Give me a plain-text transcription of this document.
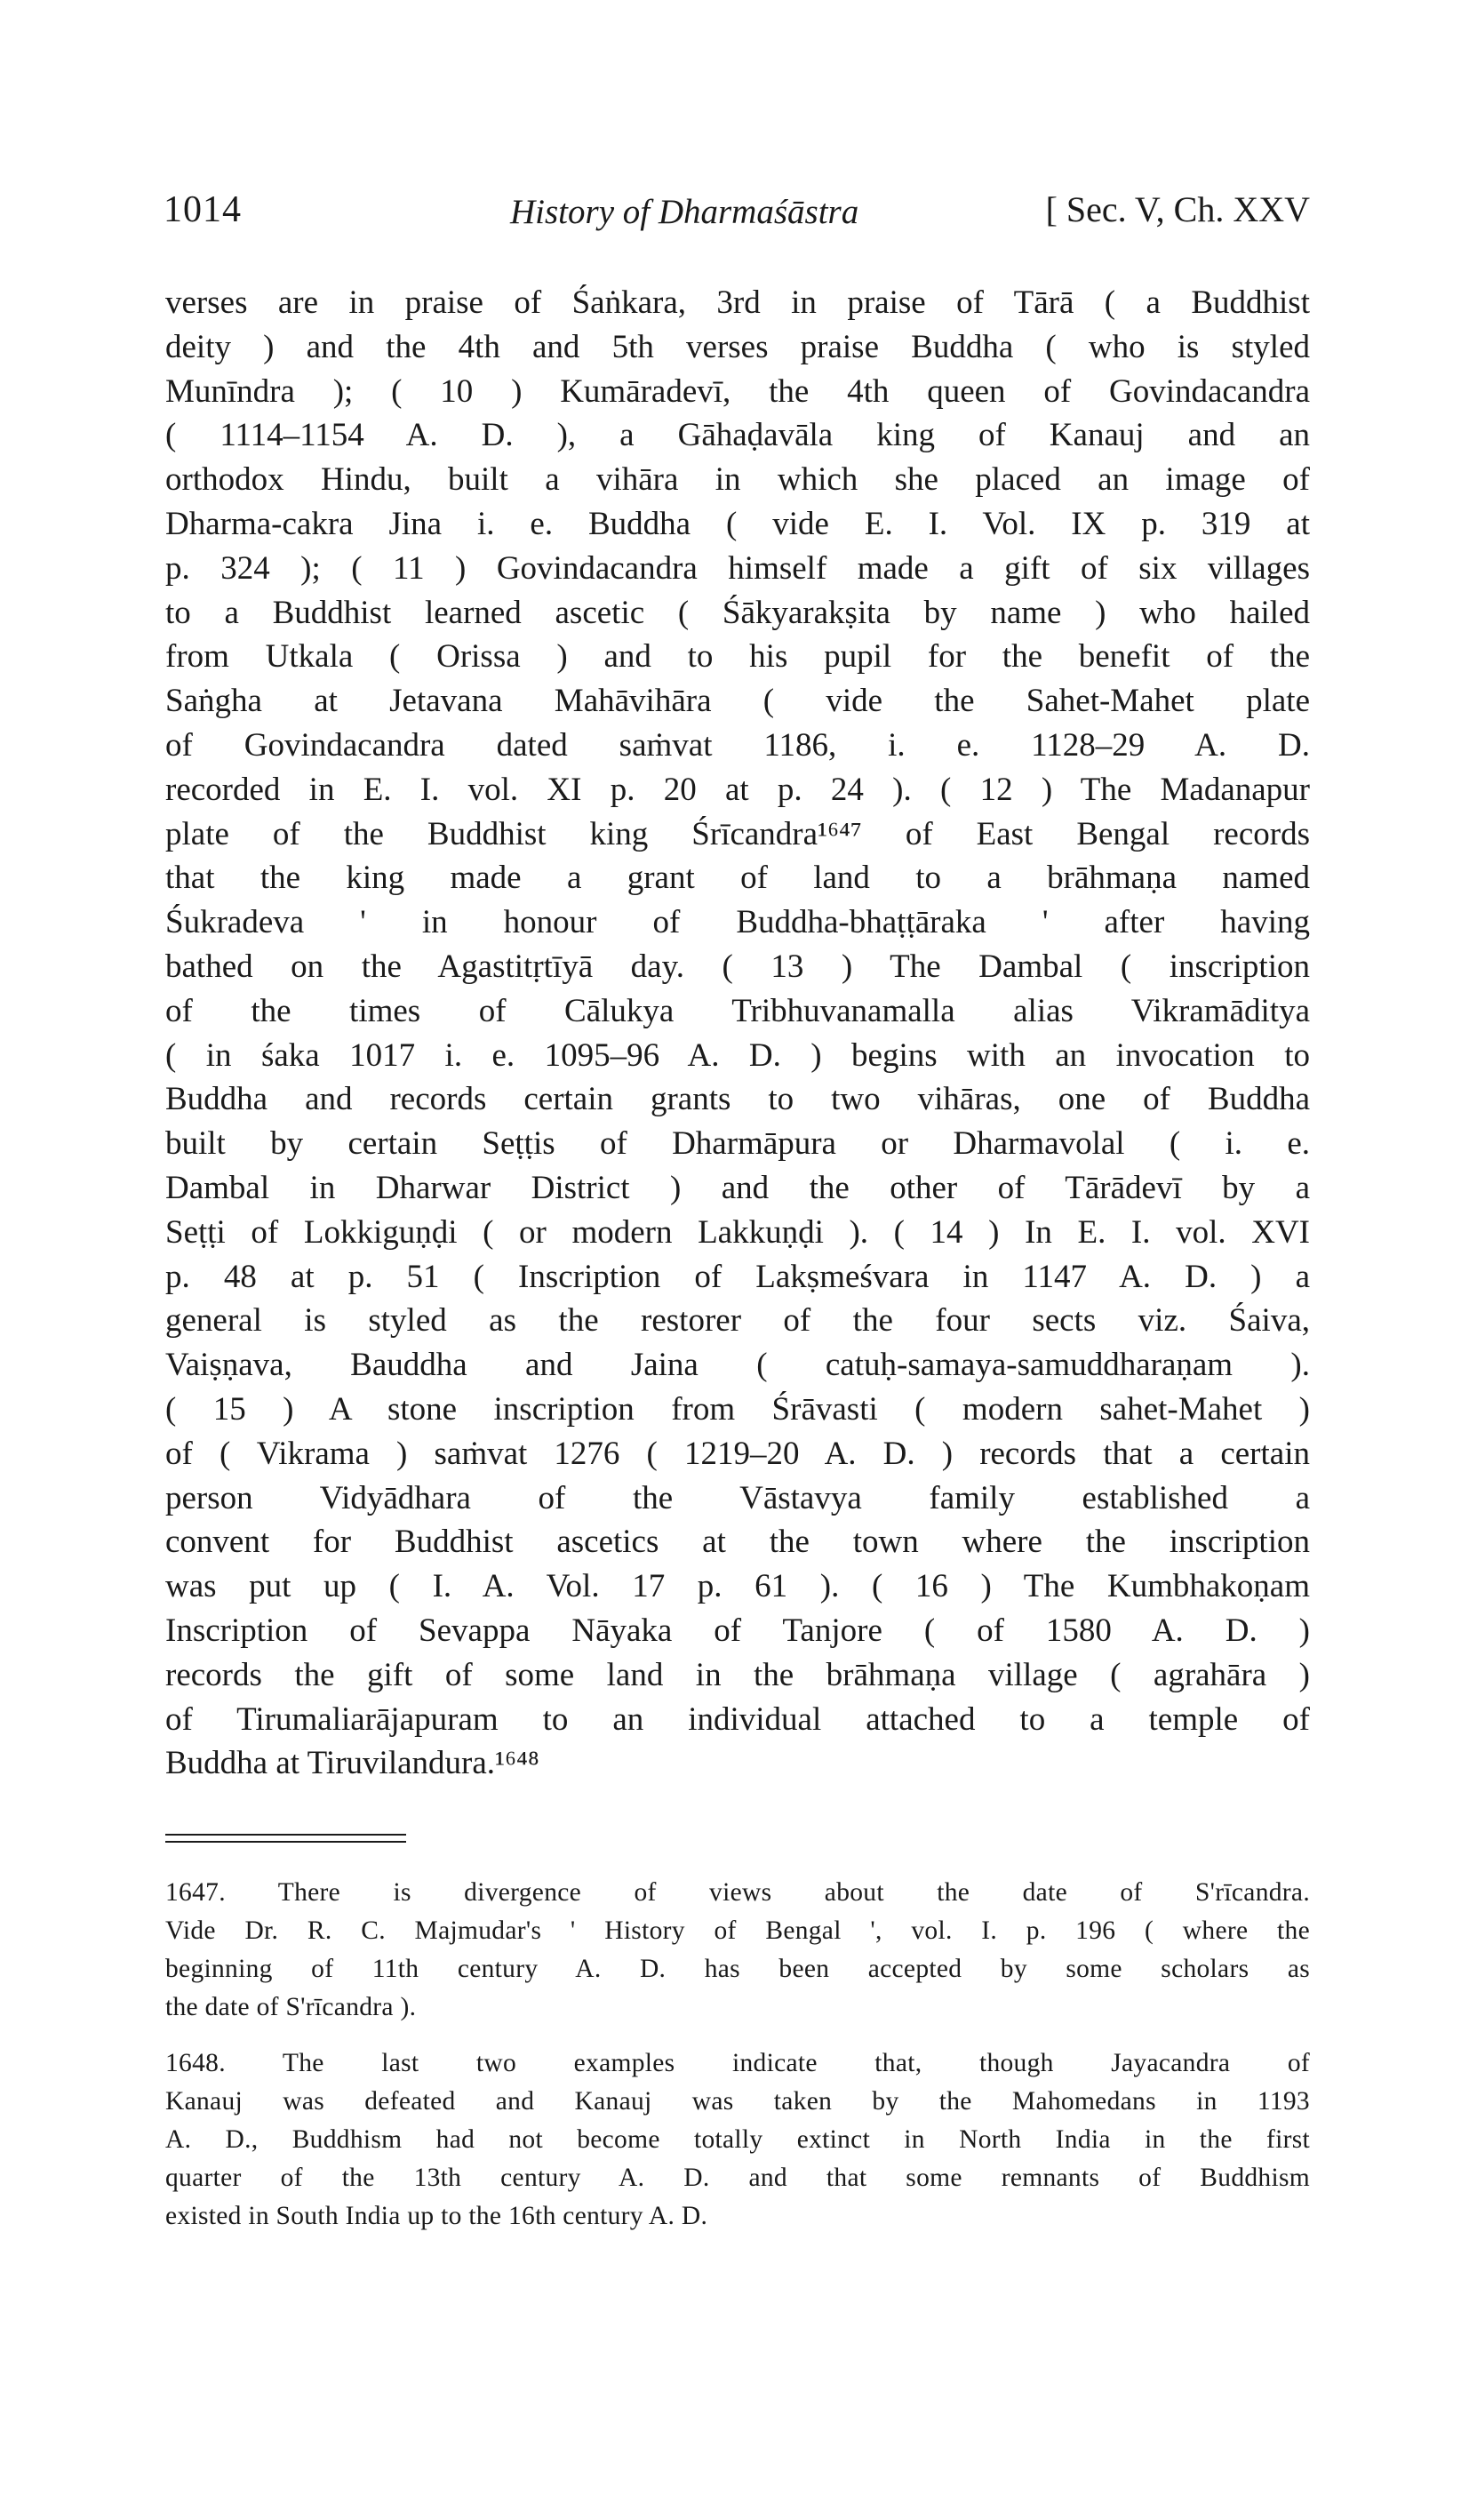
1014	History of Dharmaśāstra	[ Sec. V, Ch. XXV
verses are in praise of Śaṅkara, 3rd in praise of Tārā ( a Buddhist
deity ) and the 4th and 5th verses praise Buddha ( who is styled
Munīndra ); ( 10 ) Kumāradevī, the 4th queen of Govindacandra
( 1114–1154 A. D. ), a Gāhaḍavāla king of Kanauj and an
orthodox Hindu, built a vihāra in which she placed an image of
Dharma-cakra Jina i. e. Buddha ( vide E. I. Vol. IX p. 319 at
p. 324 ); ( 11 ) Govindacandra himself made a gift of six villages
to a Buddhist learned ascetic ( Śākyarakṣita by name ) who hailed
from Utkala ( Orissa ) and to his pupil for the benefit of the
Saṅgha at Jetavana Mahāvihāra ( vide the Sahet-Mahet plate
of Govindacandra dated saṁvat 1186, i. e. 1128–29 A. D.
recorded in E. I. vol. XI p. 20 at p. 24 ). ( 12 ) The Madanapur
plate of the Buddhist king Śrīcandra¹⁶⁴⁷ of East Bengal records
that the king made a grant of land to a brāhmaṇa named
Śukradeva ' in honour of Buddha-bhaṭṭāraka ' after having
bathed on the Agastitṛtīyā day. ( 13 ) The Dambal ( inscription
of the times of Cālukya Tribhuvanamalla alias Vikramāditya
( in śaka 1017 i. e. 1095–96 A. D. ) begins with an invocation to
Buddha and records certain grants to two vihāras, one of Buddha
built by certain Seṭṭis of Dharmāpura or Dharmavolal ( i. e.
Dambal in Dharwar District ) and the other of Tārādevī by a
Seṭṭi of Lokkiguṇḍi ( or modern Lakkuṇḍi ). ( 14 ) In E. I. vol. XVI
p. 48 at p. 51 ( Inscription of Lakṣmeśvara in 1147 A. D. ) a
general is styled as the restorer of the four sects viz. Śaiva,
Vaiṣṇava, Bauddha and Jaina ( catuḥ-samaya-samuddharaṇam ).
( 15 ) A stone inscription from Śrāvasti ( modern sahet-Mahet )
of ( Vikrama ) saṁvat 1276 ( 1219–20 A. D. ) records that a certain
person Vidyādhara of the Vāstavya family established a
convent for Buddhist ascetics at the town where the inscription
was put up ( I. A. Vol. 17 p. 61 ). ( 16 ) The Kumbhakoṇam
Inscription of Sevappa Nāyaka of Tanjore ( of 1580 A. D. )
records the gift of some land in the brāhmaṇa village ( agrahāra )
of Tirumaliarājapuram to an individual attached to a temple of
Buddha at Tiruvilandura.¹⁶⁴⁸
1647. There is divergence of views about the date of S'rīcandra.
Vide Dr. R. C. Majmudar's ' History of Bengal ', vol. I. p. 196 ( where the
beginning of 11th century A. D. has been accepted by some scholars as
the date of S'rīcandra ).
1648. The last two examples indicate that, though Jayacandra of
Kanauj was defeated and Kanauj was taken by the Mahomedans in 1193
A. D., Buddhism had not become totally extinct in North India in the first
quarter of the 13th century A. D. and that some remnants of Buddhism
existed in South India up to the 16th century A. D.
